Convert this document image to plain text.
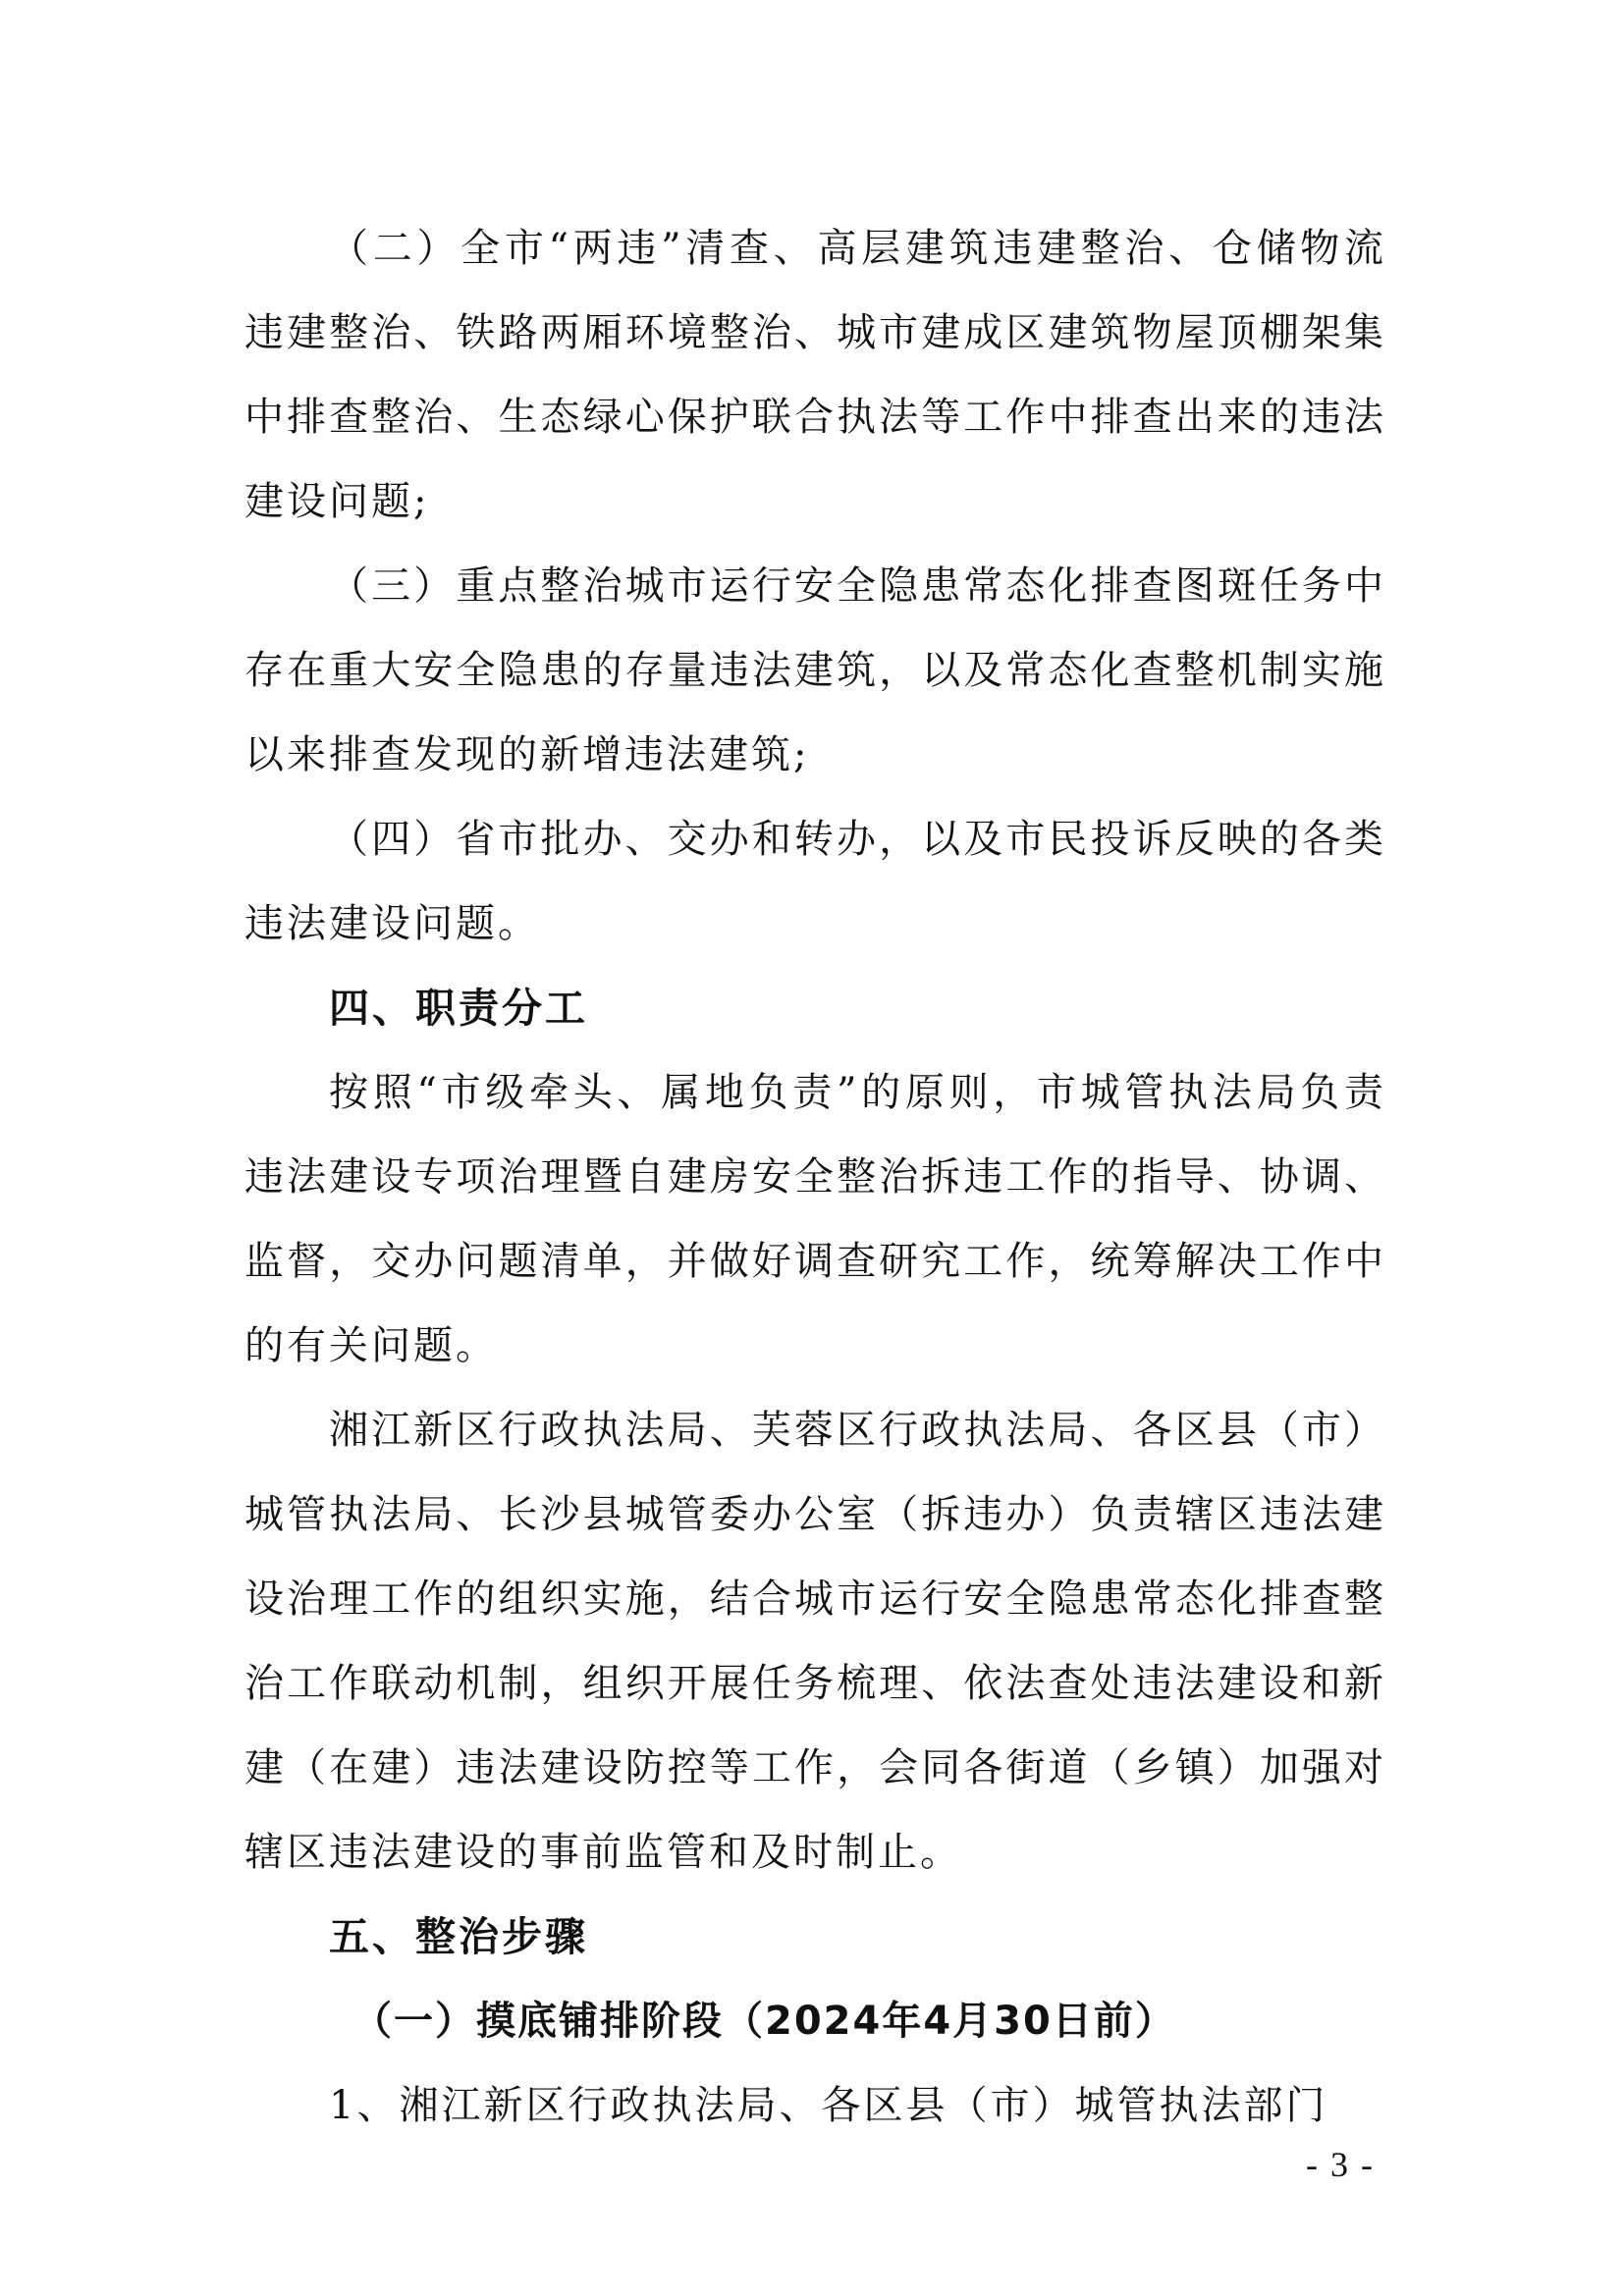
（二）全市“两违”清查、高层建筑违建整治、仓储物流违建整治、铁路两厢环境整治、城市建成区建筑物屋顶棚架集中排查整治、生态绿心保护联合执法等工作中排查出来的违法建设问题;

（三）重点整治城市运行安全隐患常态化排查图斑任务中存在重大安全隐患的存量违法建筑，以及常态化查整机制实施以来排查发现的新增违法建筑;

（四）省市批办、交办和转办，以及市民投诉反映的各类违法建设问题。

四、职责分工

按照“市级牵头、属地负责”的原则，市城管执法局负责违法建设专项治理暨自建房安全整治拆违工作的指导、协调、监督，交办问题清单，并做好调查研究工作，统筹解决工作中的有关问题。

湘江新区行政执法局、芙蓉区行政执法局、各区县（市）城管执法局、长沙县城管委办公室（拆违办）负责辖区违法建设治理工作的组织实施，结合城市运行安全隐患常态化排查整治工作联动机制，组织开展任务梳理、依法查处违法建设和新建（在建）违法建设防控等工作，会同各街道（乡镇）加强对辖区违法建设的事前监管和及时制止。

五、整治步骤

（一）摸底铺排阶段（2024年4月30日前）

1、湘江新区行政执法局、各区县（市）城管执法部门

- 3 -
